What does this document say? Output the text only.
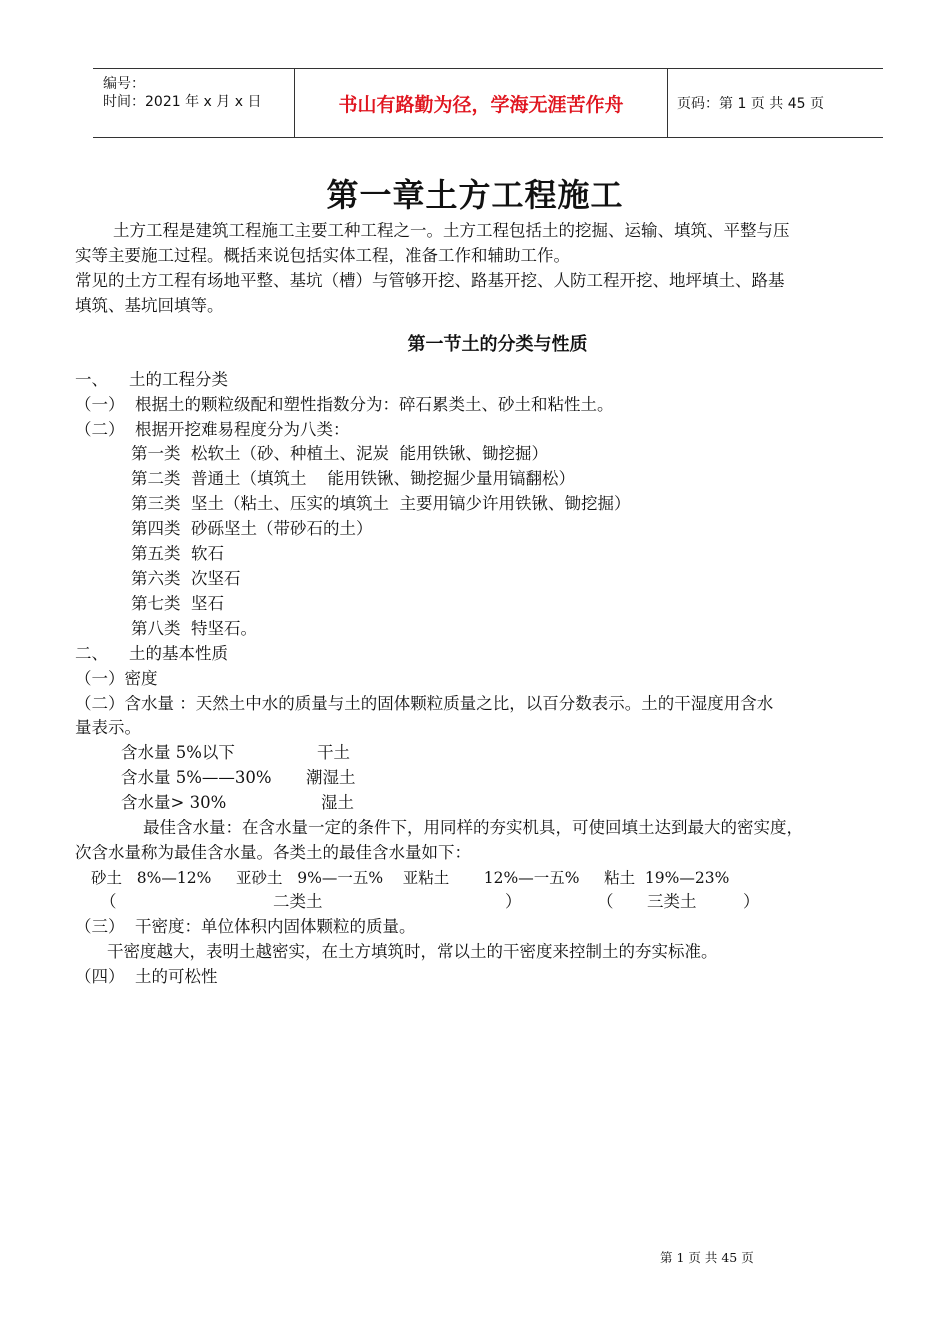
编号：
时间：2021 年 x 月 x 日	书山有路勤为径，学海无涯苦作舟	页码：第 1 页 共 45 页
第一章土方工程施工
土方工程是建筑工程施工主要工种工程之一。土方工程包括土的挖掘、运输、填筑、平整与压
实等主要施工过程。概括来说包括实体工程，准备工作和辅助工作。
常见的土方工程有场地平整、基坑（槽）与管够开挖、路基开挖、人防工程开挖、地坪填土、路基
填筑、基坑回填等。
第一节土的分类与性质
一、    土的工程分类
（一）  根据土的颗粒级配和塑性指数分为：碎石累类土、砂土和粘性土。
（二）  根据开挖难易程度分为八类：
第一类  松软土（砂、种植土、泥炭  能用铁锹、锄挖掘）
第二类  普通土（填筑土    能用铁锹、锄挖掘少量用镐翻松）
第三类  坚土（粘土、压实的填筑土  主要用镐少许用铁锹、锄挖掘）
第四类  砂砾坚土（带砂石的土）
第五类  软石
第六类  次坚石
第七类  坚石
第八类  特坚石。
二、    土的基本性质
（一）密度
（二）含水量 ：天然土中水的质量与土的固体颗粒质量之比，以百分数表示。土的干湿度用含水
量表示。
含水量 5%以下	干土
含水量 5%——30% 潮湿土
含水量> 30%	湿土
最佳含水量：在含水量一定的条件下，用同样的夯实机具，可使回填土达到最大的密实度，
次含水量称为最佳含水量。各类土的最佳含水量如下：
砂土   8%—12%     亚砂土   9%—一五%    亚粘土       12%—一五%     粘土  19%—23%
（	二类土	）	（ 三类土	）
（三）  干密度：单位体积内固体颗粒的质量。
干密度越大，表明土越密实，在土方填筑时，常以土的干密度来控制土的夯实标准。
（四）  土的可松性
第 1 页 共 45 页
